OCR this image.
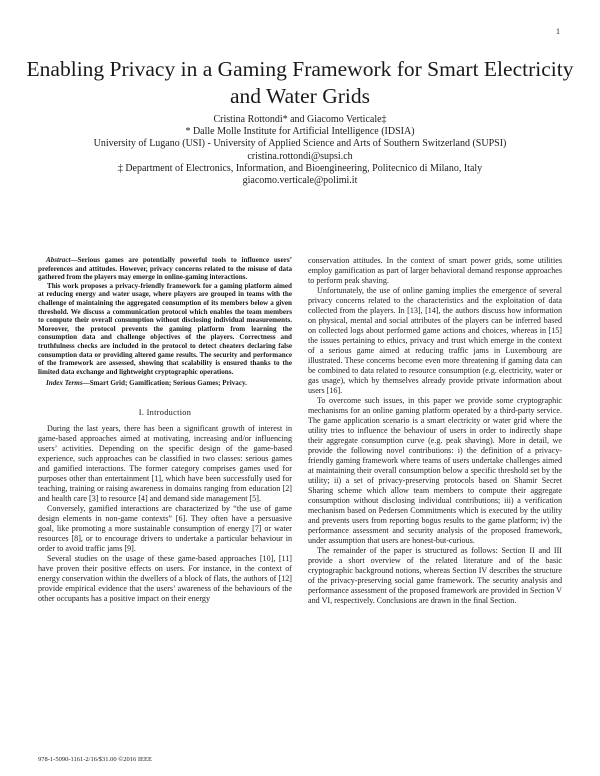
1
Enabling Privacy in a Gaming Framework for Smart Electricity and Water Grids
Cristina Rottondi* and Giacomo Verticale‡
* Dalle Molle Institute for Artificial Intelligence (IDSIA)
University of Lugano (USI) - University of Applied Science and Arts of Southern Switzerland (SUPSI)
cristina.rottondi@supsi.ch
‡ Department of Electronics, Information, and Bioengineering, Politecnico di Milano, Italy
giacomo.verticale@polimi.it

Abstract—Serious games are potentially powerful tools to influence users’ preferences and attitudes. However, privacy concerns related to the misuse of data gathered from the players may emerge in online-gaming interactions.

This work proposes a privacy-friendly framework for a gaming platform aimed at reducing energy and water usage, where players are grouped in teams with the challenge of maintaining the aggregated consumption of its members below a given threshold. We discuss a communication protocol which enables the team members to compute their overall consumption without disclosing individual measurements. Moreover, the protocol prevents the gaming platform from learning the consumption data and challenge objectives of the players. Correctness and truthfulness checks are included in the protocol to detect cheaters declaring false consumption data or providing altered game results. The security and performance of the framework are assessed, showing that scalability is ensured thanks to the limited data exchange and lightweight cryptographic operations.

Index Terms—Smart Grid; Gamification; Serious Games; Privacy.
I. Introduction

During the last years, there has been a significant growth of interest in game-based approaches aimed at motivating, increasing and/or influencing users’ activities. Depending on the specific design of the game-based experience, such approaches can be classified in two classes: serious games and gamified interactions. The former category comprises games used for purposes other than entertainment [1], which have been successfully used for teaching, training or raising awareness in domains ranging from education [2] and health care [3] to resource [4] and demand side management [5].

Conversely, gamified interactions are characterized by “the use of game design elements in non-game contexts” [6]. They often have a persuasive goal, like promoting a more sustainable consumption of energy [7] or water resources [8], or to encourage drivers to undertake a particular behaviour in order to avoid traffic jams [9].

Several studies on the usage of these game-based approaches [10], [11] have proven their positive effects on users. For instance, in the context of energy conservation within the dwellers of a block of flats, the authors of [12] provide empirical evidence that the users’ awareness of the behaviours of the other occupants has a positive impact on their energy

conservation attitudes. In the context of smart power grids, some utilities employ gamification as part of larger behavioral demand response approaches to perform peak shaving.

Unfortunately, the use of online gaming implies the emergence of several privacy concerns related to the characteristics and the exploitation of data collected from the players. In [13], [14], the authors discuss how information on physical, mental and social attributes of the players can be inferred based on collected logs about performed game actions and choices, whereas in [15] the issues pertaining to ethics, privacy and trust which emerge in the context of a serious game aimed at reducing traffic jams in Luxembourg are illustrated. These concerns become even more threatening if gaming data can be combined to data related to resource consumption (e.g. electricity, water or gas usage), which by themselves already provide private information about users [16].

To overcome such issues, in this paper we provide some cryptographic mechanisms for an online gaming platform operated by a third-party service. The game application scenario is a smart electricity or water grid where the utility tries to influence the behaviour of users in order to indirectly shape their aggregate consumption curve (e.g. peak shaving). More in detail, we provide the following novel contributions: i) the definition of a privacy-friendly gaming framework where teams of users undertake challenges aimed at maintaining their overall consumption below a specific threshold set by the utility; ii) a set of privacy-preserving protocols based on Shamir Secret Sharing scheme which allow team members to compute their aggregate consumption without disclosing individual contributions; iii) a verification mechanism based on Pedersen Commitments which is executed by the utility and prevents users from reporting bogus results to the game platform; iv) the performance assessment and security analysis of the proposed framework, under assumption that users are honest-but-curious.

The remainder of the paper is structured as follows: Section II and III provide a short overview of the related literature and of the basic cryptographic background notions, whereas Section IV describes the structure of the privacy-preserving social game framework. The security analysis and performance assessment of the proposed framework are provided in Section V and VI, respectively. Conclusions are drawn in the final Section.

978-1-5090-1161-2/16/$31.00 ©2016 IEEE
